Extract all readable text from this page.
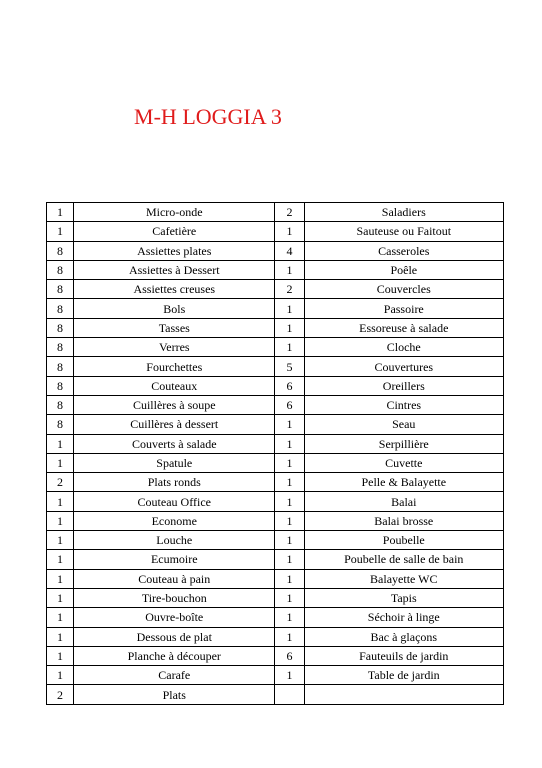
M-H LOGGIA 3
1	Micro-onde	2	Saladiers
1	Cafetière	1	Sauteuse ou Faitout
8	Assiettes plates	4	Casseroles
8	Assiettes à Dessert	1	Poêle
8	Assiettes creuses	2	Couvercles
8	Bols	1	Passoire
8	Tasses	1	Essoreuse à salade
8	Verres	1	Cloche
8	Fourchettes	5	Couvertures
8	Couteaux	6	Oreillers
8	Cuillères à soupe	6	Cintres
8	Cuillères à dessert	1	Seau
1	Couverts à salade	1	Serpillière
1	Spatule	1	Cuvette
2	Plats ronds	1	Pelle & Balayette
1	Couteau Office	1	Balai
1	Econome	1	Balai brosse
1	Louche	1	Poubelle
1	Ecumoire	1	Poubelle de salle de bain
1	Couteau à pain	1	Balayette WC
1	Tire-bouchon	1	Tapis
1	Ouvre-boîte	1	Séchoir à linge
1	Dessous de plat	1	Bac à glaçons
1	Planche à découper	6	Fauteuils de jardin
1	Carafe	1	Table de jardin
2	Plats		
